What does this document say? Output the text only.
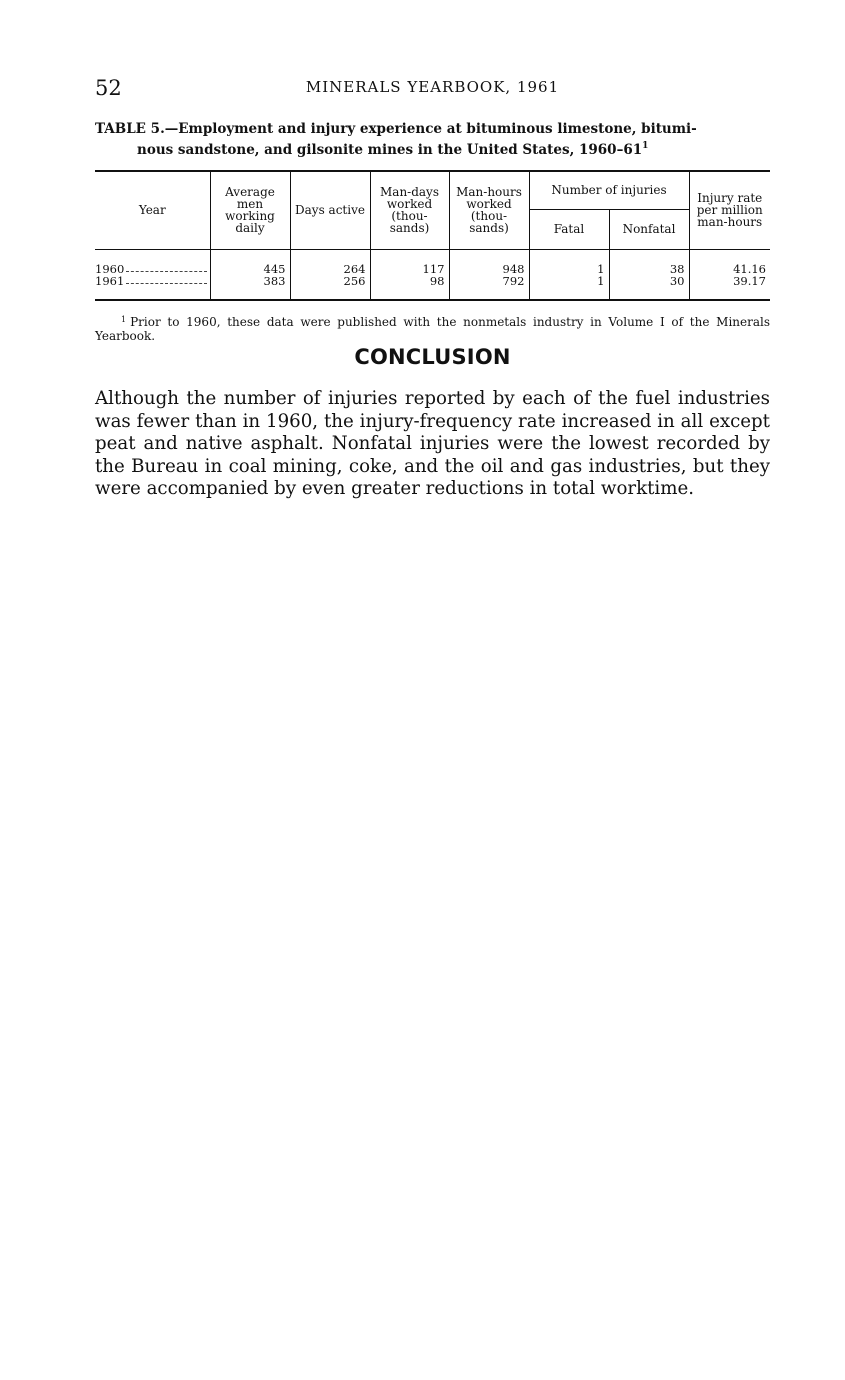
52	MINERALS YEARBOOK, 1961
TABLE 5.—Employment and injury experience at bituminous limestone, bitumi-
nous sandstone, and gilsonite mines in the United States, $1960-61^1$
Year	Average men working daily	Days active	Man-days worked (thou- sands)	Man-hours worked (thou- sands)	Number of injuries		Injury rate per million man-hours
					Fatal	Nonfatal	

1960	445	264	117	948	1	38	41.16

1961	383	256	98	792	1	30	39.17
$^1$ Prior to 1960, these data were published with the nonmetals industry in Volume I of the Minerals Yearbook.
CONCLUSION

Although the number of injuries reported by each of the fuel industries was fewer than in 1960, the injury-frequency rate increased in all except peat and native asphalt. Nonfatal injuries were the lowest recorded by the Bureau in coal mining, coke, and the oil and gas industries, but they were accompanied by even greater reductions in total worktime.
